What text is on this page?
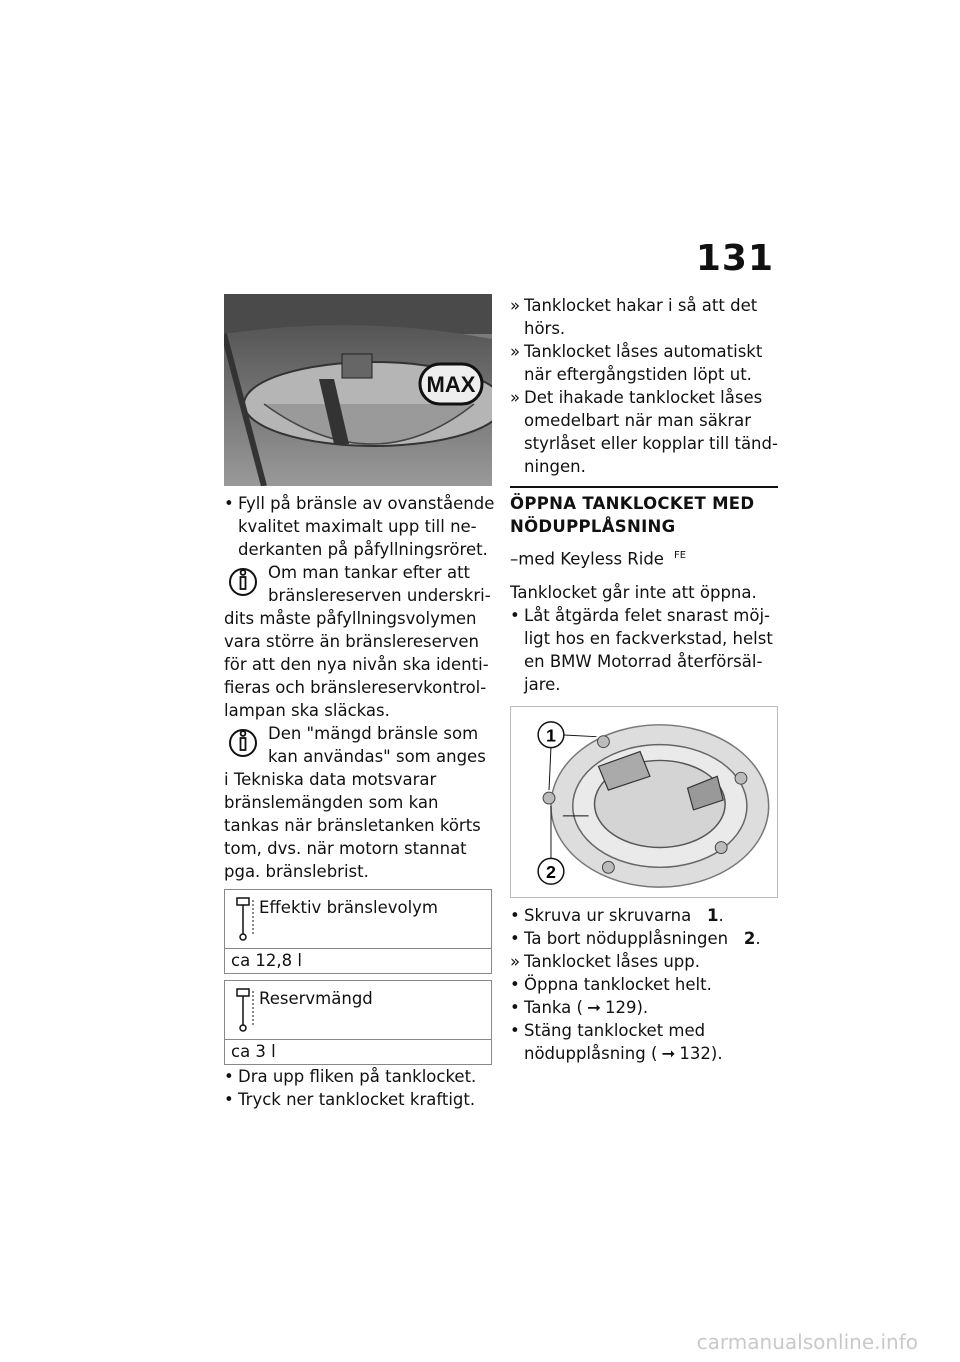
131
MAX
• Fyll på bränsle av ovanstående
kvalitet maximalt upp till ne-
derkanten på påfyllningsröret.
Om man tankar efter att
bränslereserven underskri-
dits måste påfyllningsvolymen
vara större än bränslereserven
för att den nya nivån ska identi-
fieras och bränslereservkontrol-
lampan ska släckas.
Den "mängd bränsle som
kan användas" som anges
i Tekniska data motsvarar
bränslemängden som kan
tankas när bränsletanken körts
tom, dvs. när motorn stannat
pga. bränslebrist.
Effektiv bränslevolym
ca 12,8 l
Reservmängd
ca 3 l
• Dra upp fliken på tanklocket.
• Tryck ner tanklocket kraftigt.
» Tanklocket hakar i så att det
hörs.
» Tanklocket låses automatiskt
när eftergångstiden löpt ut.
» Det ihakade tanklocket låses
omedelbart när man säkrar
styrlåset eller kopplar till tänd-
ningen.
ÖPPNA TANKLOCKET MED
NÖDUPPLÅSNING
–med Keyless Ride $^{FE}$
Tanklocket går inte att öppna.
• Låt åtgärda felet snarast möj-
ligt hos en fackverkstad, helst
en BMW Motorrad återförsäl-
jare.
1
2
• Skruva ur skruvarna 1.
• Ta bort nödupplåsningen 2.
» Tanklocket låses upp.
• Öppna tanklocket helt.
• Tanka ( ➞ 129).
• Stäng tanklocket med
nödupplåsning ( ➞ 132).
carmanualsonline.info
